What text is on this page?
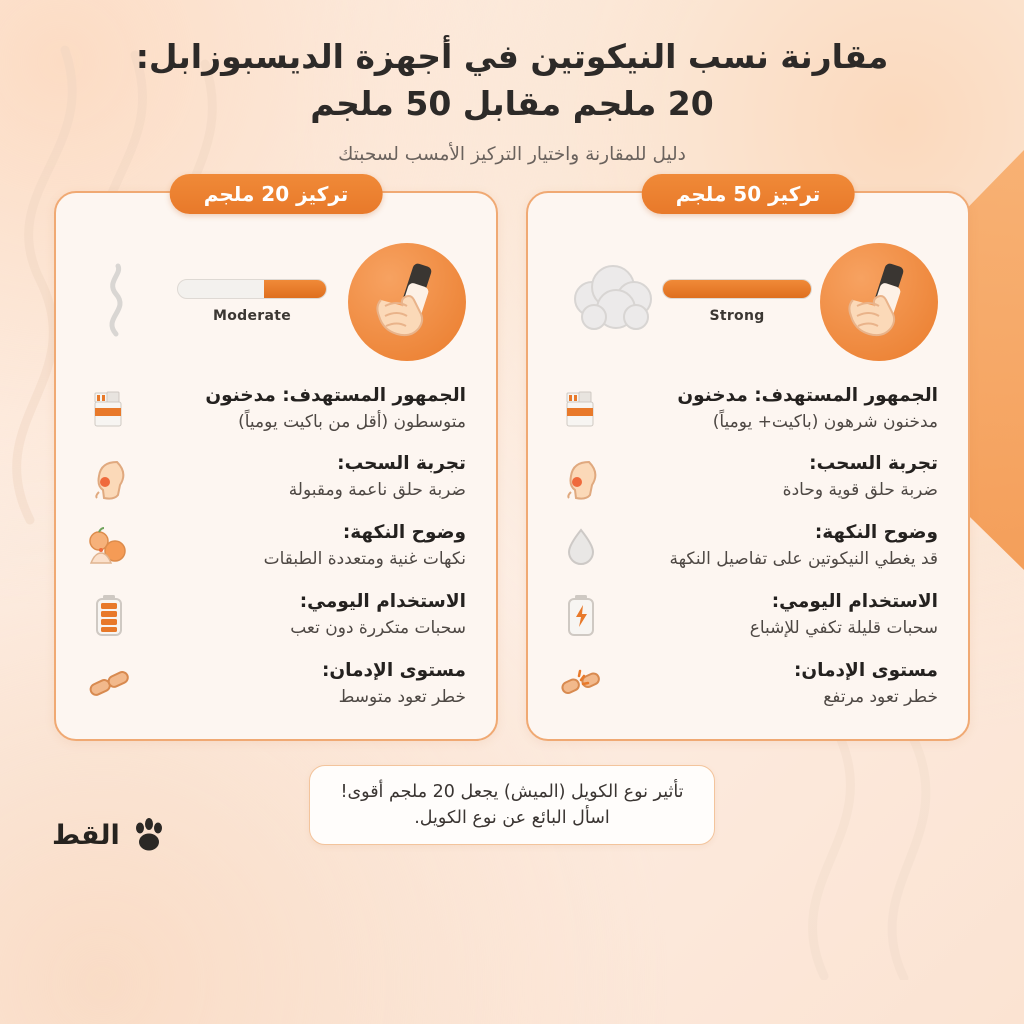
مقارنة نسب النيكوتين في أجهزة الديسبوزابل:
20 ملجم مقابل 50 ملجم
دليل للمقارنة واختيار التركيز الأمسب لسحبتك
تركيز 50 ملجم
Strong
الجمهور المستهدف: مدخنون
مدخنون شرهون (باكيت+ يومياً)
تجربة السحب:
ضربة حلق قوية وحادة
وضوح النكهة:
قد يغطي النيكوتين على تفاصيل النكهة
الاستخدام اليومي:
سحبات قليلة تكفي للإشباع
مستوى الإدمان:
خطر تعود مرتفع
تركيز 20 ملجم
Moderate
الجمهور المستهدف: مدخنون
متوسطون (أقل من باكيت يومياً)
تجربة السحب:
ضربة حلق ناعمة ومقبولة
وضوح النكهة:
نكهات غنية ومتعددة الطبقات
الاستخدام اليومي:
سحبات متكررة دون تعب
مستوى الإدمان:
خطر تعود متوسط
تأثير نوع الكويل (الميش) يجعل 20 ملجم أقوى!
اسأل البائع عن نوع الكويل.
القط
